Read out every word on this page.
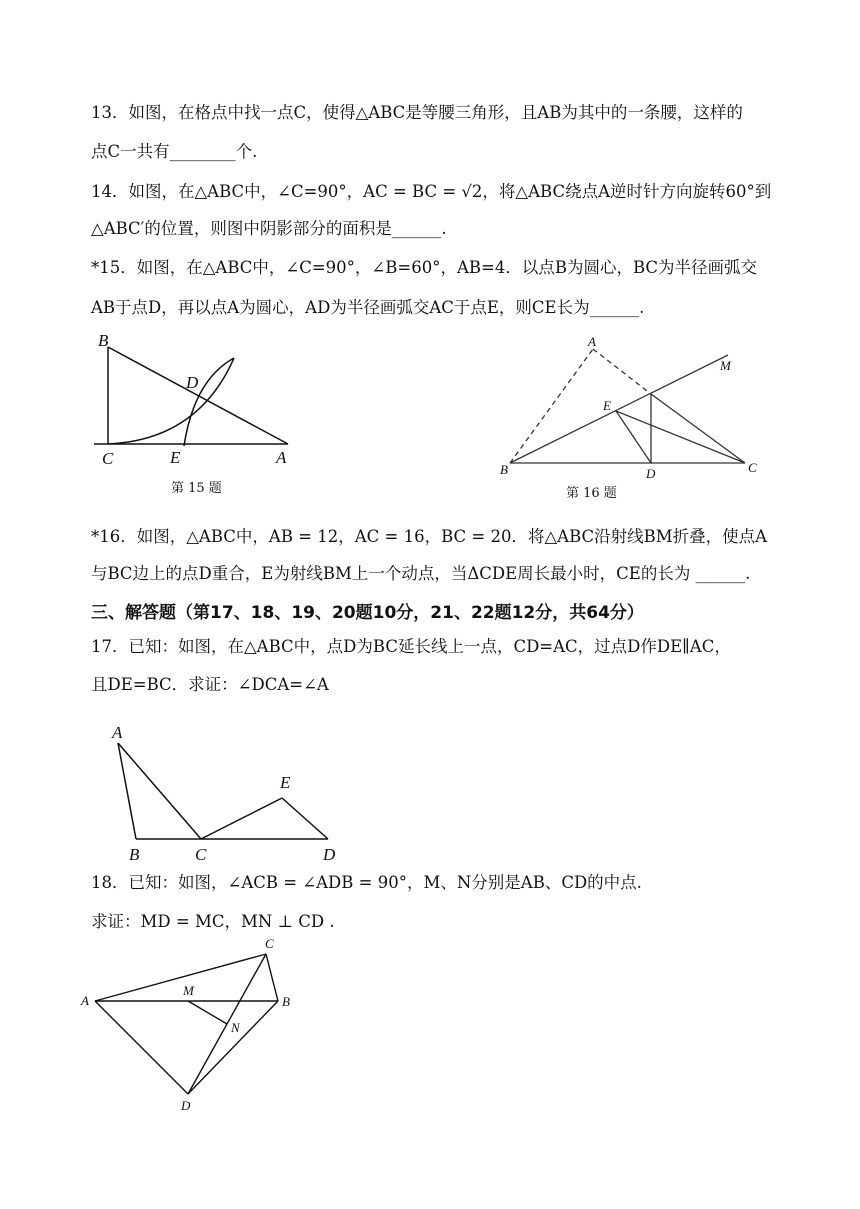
13．如图，在格点中找一点C，使得△ABC是等腰三角形，且AB为其中的一条腰，这样的
点C一共有________个.
14．如图，在△ABC中，∠C=90°，AC = BC = √2，将△ABC绕点A逆时针方向旋转60°到
△ABC′的位置，则图中阴影部分的面积是______.
*15．如图，在△ABC中，∠C=90°，∠B=60°，AB=4．以点B为圆心，BC为半径画弧交
AB于点D，再以点A为圆心，AD为半径画弧交AC于点E，则CE长为______.
B
D
C	E	A
第 15 题
A
M
E
B	D	C
第 16 题
*16．如图，△ABC中，AB = 12，AC = 16，BC = 20．将△ABC沿射线BM折叠，使点A
与BC边上的点D重合，E为射线BM上一个动点，当ΔCDE周长最小时，CE的长为 ______.
三、解答题（第17、18、19、20题10分，21、22题12分，共64分）
17．已知：如图，在△ABC中，点D为BC延长线上一点，CD=AC，过点D作DE∥AC，
且DE=BC．求证：∠DCA=∠A
A
E
B	C	D
18．已知：如图，∠ACB = ∠ADB = 90°，M、N分别是AB、CD的中点.
求证：MD = MC，MN ⊥ CD .
C
A
M
B
N
D
